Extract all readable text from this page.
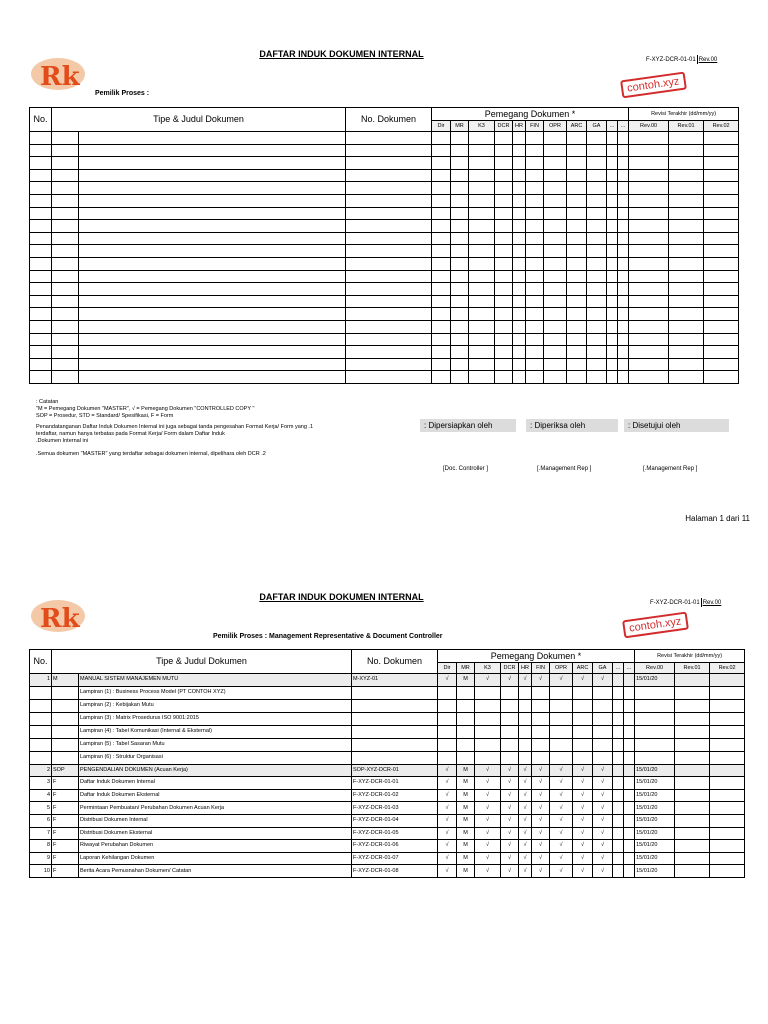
Rk
DAFTAR INDUK DOKUMEN INTERNAL
F-XYZ-DCR-01-01 Rev.00
contoh.xyz
Pemilik Proses :
No.	Tipe & Judul Dokumen		No. Dokumen	Pemegang Dokumen *											Revisi Terakhir (dd/mm/yy)		
				Dir	MR	K3	DCR	HR	FIN	OPR	ARC	GA	...	...	Rev.00	Rev.01	Rev.02

: Catatan
"M = Pemegang Dokumen "MASTER", √ = Pemegang Dokumen "CONTROLLED COPY "
SOP = Prosedur, STD = Standard/ Spesifikasi, F = Form
Penandatanganan Daftar Induk Dokumen Internal ini juga sebagai tanda pengesahan Format Kerja/ Form yang .1
terdaftar, namun hanya terbatas pada Format Kerja/ Form dalam Daftar Induk
.Dokumen Internal ini
.Semua dokumen "MASTER" yang terdaftar sebagai dokumen internal, dipelihara oleh DCR .2
: Dipersiapkan oleh	: Diperiksa oleh	: Disetujui oleh
[Doc. Controller ]	[.Management Rep ]	[.Management Rep ]
Halaman 1 dari 11
Rk
DAFTAR INDUK DOKUMEN INTERNAL
F-XYZ-DCR-01-01 Rev.00
contoh.xyz
Pemilik Proses : Management Representative & Document Controller
No.	Tipe & Judul Dokumen		No. Dokumen	Pemegang Dokumen *											Revisi Terakhir (dd/mm/yy)		
				Dir	MR	K3	DCR	HR	FIN	OPR	ARC	GA	...	...	Rev.00	Rev.01	Rev.02
1	M	MANUAL SISTEM MANAJEMEN MUTU	M-XYZ-01	√	M	√	√	√	√	√	√	√			15/01/20		
		Lampiran (1) : Business Process Model (PT CONTOH XYZ)															
		Lampiran (2) : Kebijakan Mutu															
		Lampiran (3) : Matrix Prosedurus ISO 9001:2015															
		Lampiran (4) : Tabel Komunikasi (Internal & Eksternal)															
		Lampiran (5) : Tabel Sasaran Mutu															
		Lampiran (6) : Struktur Organisasi															
2	SOP	PENGENDALIAN DOKUMEN (Acuan Kerja)	SOP-XYZ-DCR-01	√	M	√	√	√	√	√	√	√			15/01/20		
3	F	Daftar Induk Dokumen Internal	F-XYZ-DCR-01-01	√	M	√	√	√	√	√	√	√			15/01/20		
4	F	Daftar Induk Dokumen Eksternal	F-XYZ-DCR-01-02	√	M	√	√	√	√	√	√	√			15/01/20		
5	F	Permintaan Pembuatan/ Perubahan Dokumen Acuan Kerja	F-XYZ-DCR-01-03	√	M	√	√	√	√	√	√	√			15/01/20		
6	F	Distribusi Dokumen Internal	F-XYZ-DCR-01-04	√	M	√	√	√	√	√	√	√			15/01/20		
7	F	Distribusi Dokumen Eksternal	F-XYZ-DCR-01-05	√	M	√	√	√	√	√	√	√			15/01/20		
8	F	Riwayat Perubahan Dokumen	F-XYZ-DCR-01-06	√	M	√	√	√	√	√	√	√			15/01/20		
9	F	Laporan Kehilangan Dokumen	F-XYZ-DCR-01-07	√	M	√	√	√	√	√	√	√			15/01/20		
10	F	Berita Acara Pemusnahan Dokumen/ Catatan	F-XYZ-DCR-01-08	√	M	√	√	√	√	√	√	√			15/01/20		
